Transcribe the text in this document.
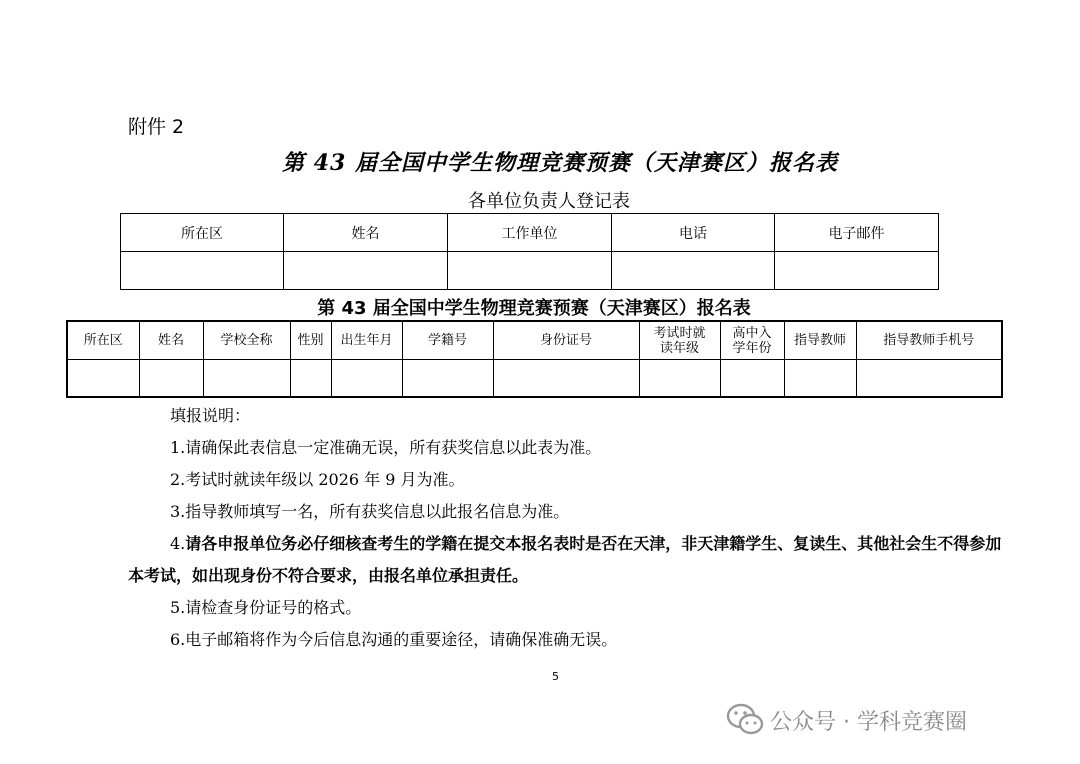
附件 2
第 43 届全国中学生物理竞赛预赛（天津赛区）报名表
各单位负责人登记表
所在区	姓名	工作单位	电话	电子邮件

第 43 届全国中学生物理竞赛预赛（天津赛区）报名表
所在区	姓名	学校全称	性别	出生年月	学籍号	身份证号	考试时就读年级	高中入学年份	指导教师	指导教师手机号

填报说明：

1.请确保此表信息一定准确无误，所有获奖信息以此表为准。

2.考试时就读年级以 2026 年 9 月为准。

3.指导教师填写一名，所有获奖信息以此报名信息为准。

4.请各申报单位务必仔细核查考生的学籍在提交本报名表时是否在天津，非天津籍学生、复读生、其他社会生不得参加本考试，如出现身份不符合要求，由报名单位承担责任。

5.请检查身份证号的格式。

6.电子邮箱将作为今后信息沟通的重要途径，请确保准确无误。

5
公众号 · 学科竞赛圈
